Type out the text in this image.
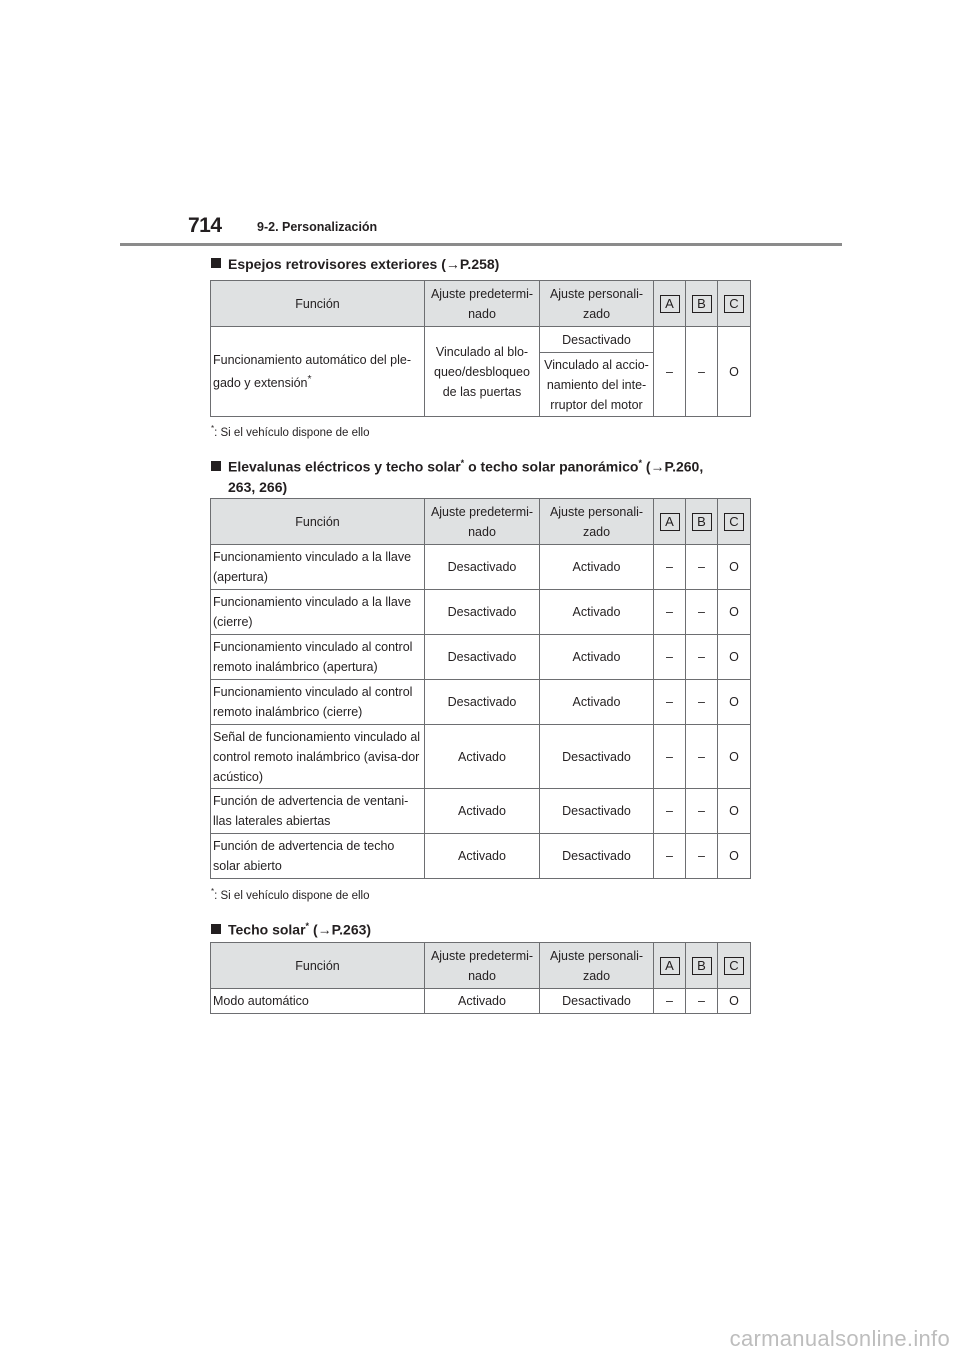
714	9-2. Personalización
Espejos retrovisores exteriores (→P.258)
Función	Ajuste predetermi-nado	Ajuste personali-zado	A	B	C
Funcionamiento automático del ple-gado y extensión*	Vinculado al blo-queo/desbloqueo de las puertas	Desactivado	–	–	O
		Vinculado al accio-namiento del inte-rruptor del motor			
*: Si el vehículo dispone de ello
Elevalunas eléctricos y techo solar* o techo solar panorámico* (→P.260,
263, 266)
Función	Ajuste predetermi-nado	Ajuste personali-zado	A	B	C
Funcionamiento vinculado a la llave (apertura)	Desactivado	Activado	–	–	O
Funcionamiento vinculado a la llave (cierre)	Desactivado	Activado	–	–	O
Funcionamiento vinculado al control remoto inalámbrico (apertura)	Desactivado	Activado	–	–	O
Funcionamiento vinculado al control remoto inalámbrico (cierre)	Desactivado	Activado	–	–	O
Señal de funcionamiento vinculado al control remoto inalámbrico (avisa-dor acústico)	Activado	Desactivado	–	–	O
Función de advertencia de ventani-llas laterales abiertas	Activado	Desactivado	–	–	O
Función de advertencia de techo solar abierto	Activado	Desactivado	–	–	O
*: Si el vehículo dispone de ello
Techo solar* (→P.263)
Función	Ajuste predetermi-nado	Ajuste personali-zado	A	B	C
Modo automático	Activado	Desactivado	–	–	O
carmanualsonline.info
